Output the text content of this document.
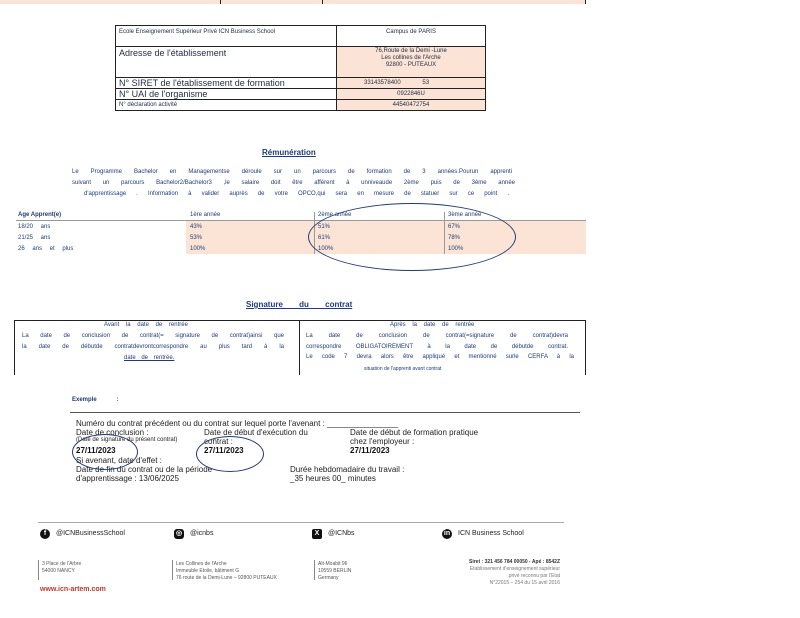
Ecole Enseignement Supérieur Privé ICN Business School	Campus de PARIS
Adresse de l'établissement	76,Route de la Demi -Lune
Les collines de l'Arche
92800 - PUTEAUX
N° SIRET de l'établissement de formation	33143578400	53
N° UAI de l'organisme	0922846U
N° déclaration activité	44540472754
Rémunération
Le Programme Bachelor en Managementse déroule sur un parcours de formation de 3 années.Pourun apprenti
suivant un parcours Bachelor2/Bachelor3 ,le salaire doit être afférent à unniveaude 2ème puis de 3ème année
d'apprentissage . Information à valider auprès de votre OPCO,qui sera en mesure de statuer sur ce point .
Age Apprent(e)	1ère année	2ème année	3ème année
18/20 ans	43%	51%	67%
21/25 ans	53%	61%	78%
26 ans et plus	100%	100%	100%
Signature du contrat
Avant la date de rentrée
La date de conclusion de contrat(= signature de contrat)ainsi que
la date de débutde contratdevrontcorrespondre au plus tard à la
date de rentrée.
Après la date de rentrée
La date de conclusion de contrat(=signature de contrat)devra
correspondre OBLIGATOIREMENT à la date de débutde contrat.
Le code 7 devra alors être appliqué et mentionné surle CERFA à la
situation de l'apprenti avant contrat
Exemple :
Numéro du contrat précédent ou du contrat sur lequel porte l'avenant : ________________
Date de conclusion :
(Date de signature du présent contrat)
27/11/2023
Date de début d'exécution du
contrat :
27/11/2023
Date de début de formation pratique
chez l'employeur :
27/11/2023
Si avenant, date d'effet :
Date de fin du contrat ou de la période
d'apprentissage : 13/06/2025
Durée hebdomadaire du travail :
_35 heures 00_ minutes
f	@ICNBusinessSchool	◎ @icnbs	X	@ICNbs	in ICN Business School
3 Place de l'Arbre
54000 NANCY
Les Collines de l'Arche
Immeuble Etoile, bâtiment G
76 route de la Demi-Lune – 92800 PUTEAUX
Alt-Moabit 96
10559 BERLIN
Germany
Siret : 321 456 784 00050 - Apé : 8542Z
Etablissement d'enseignement supérieur
privé reconnu par l'Etat
N°22015 – 254 du 15 avril 2016
www.icn-artem.com
